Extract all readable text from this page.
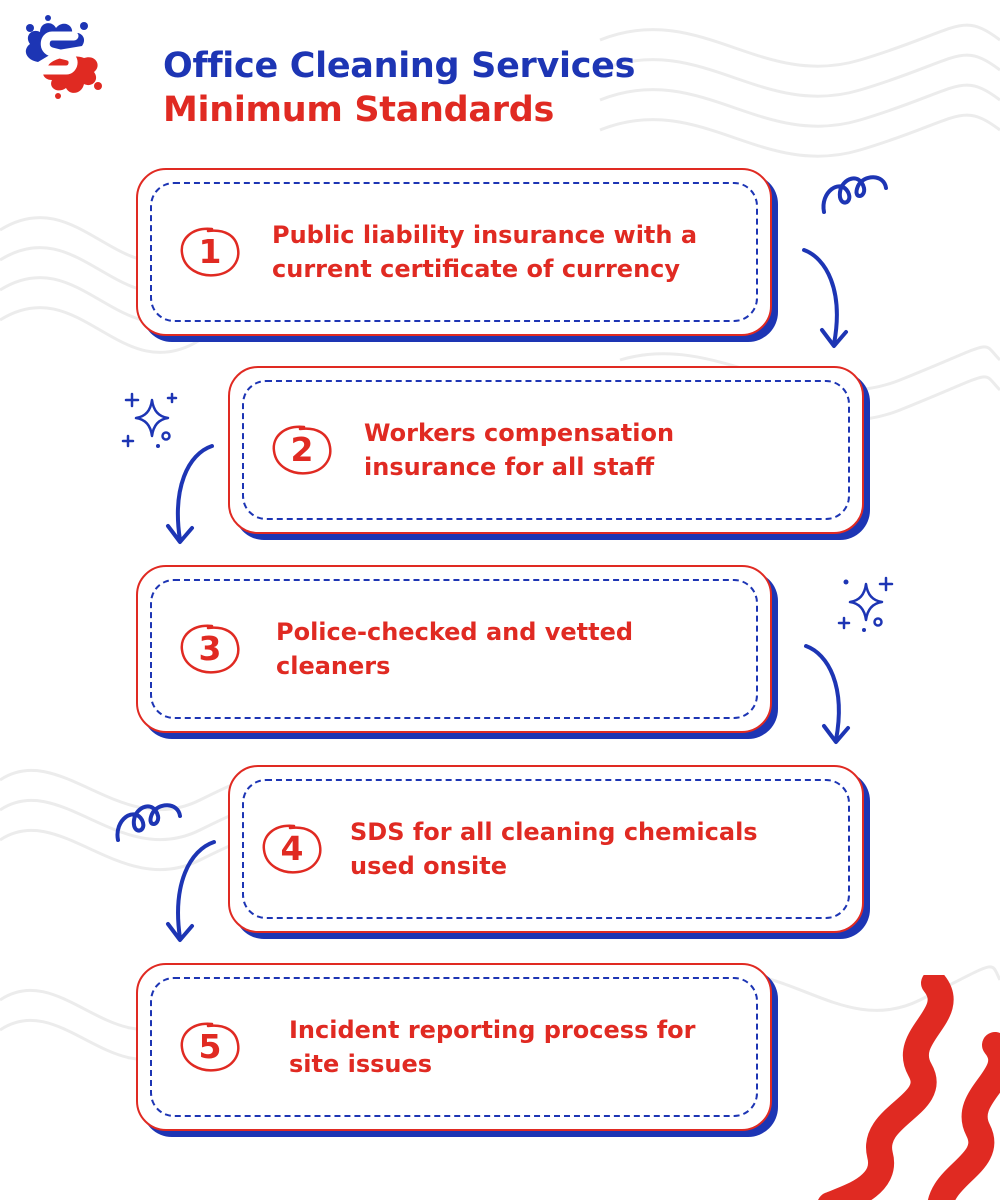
Office Cleaning Services
Minimum Standards
1	Public liability insurance with a current certificate of currency
2	Workers compensation insurance for all staff
3	Police-checked and vetted cleaners
4	SDS for all cleaning chemicals used onsite
5	Incident reporting process for site issues
